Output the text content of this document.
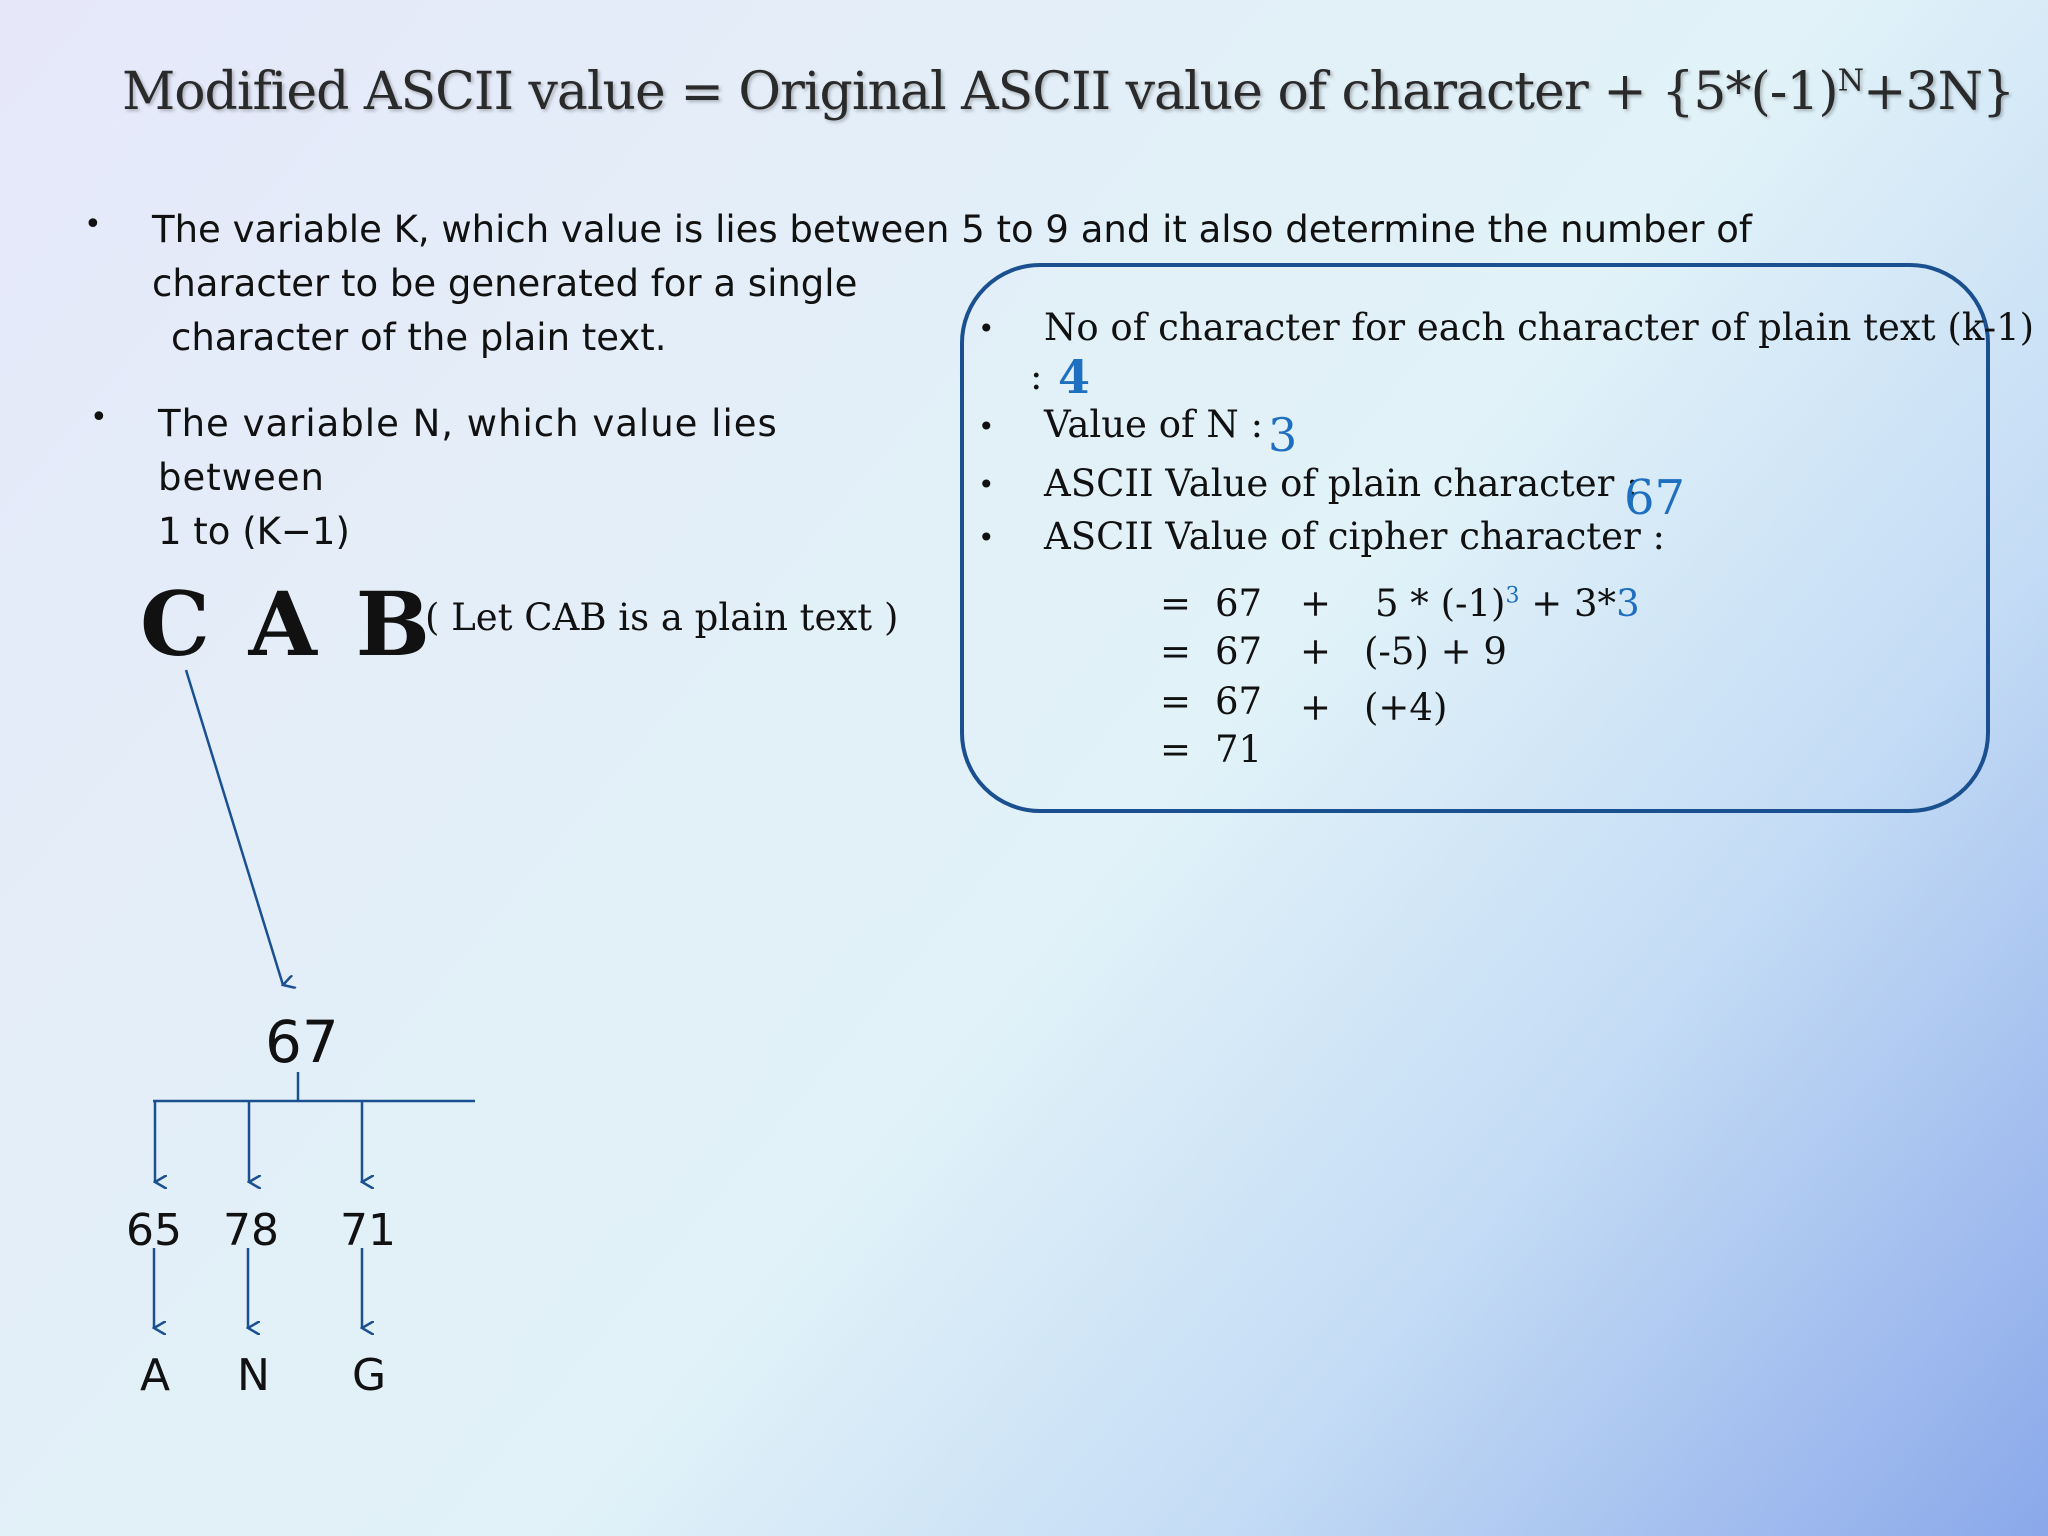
Modified ASCII value = Original ASCII value of character + $\{5*(-1)^N+3N\}$
• The variable K, which value is lies between 5 to 9 and it also determine the number of
character to be generated for a single
character of the plain text.
• The variable N, which value lies between
1 to (K−1)
C A B
( Let CAB is a plain text )
67
65 78 71
A N G
• No of character for each character of plain text (k-1)
: 4
• Value of N : 3
• ASCII Value of plain character :
67
• ASCII Value of cipher character :
= $67 + 5 * (-1)^3 + 3*3$
= 67 + (-5) + 9
= 67 + (+4)
= 71
